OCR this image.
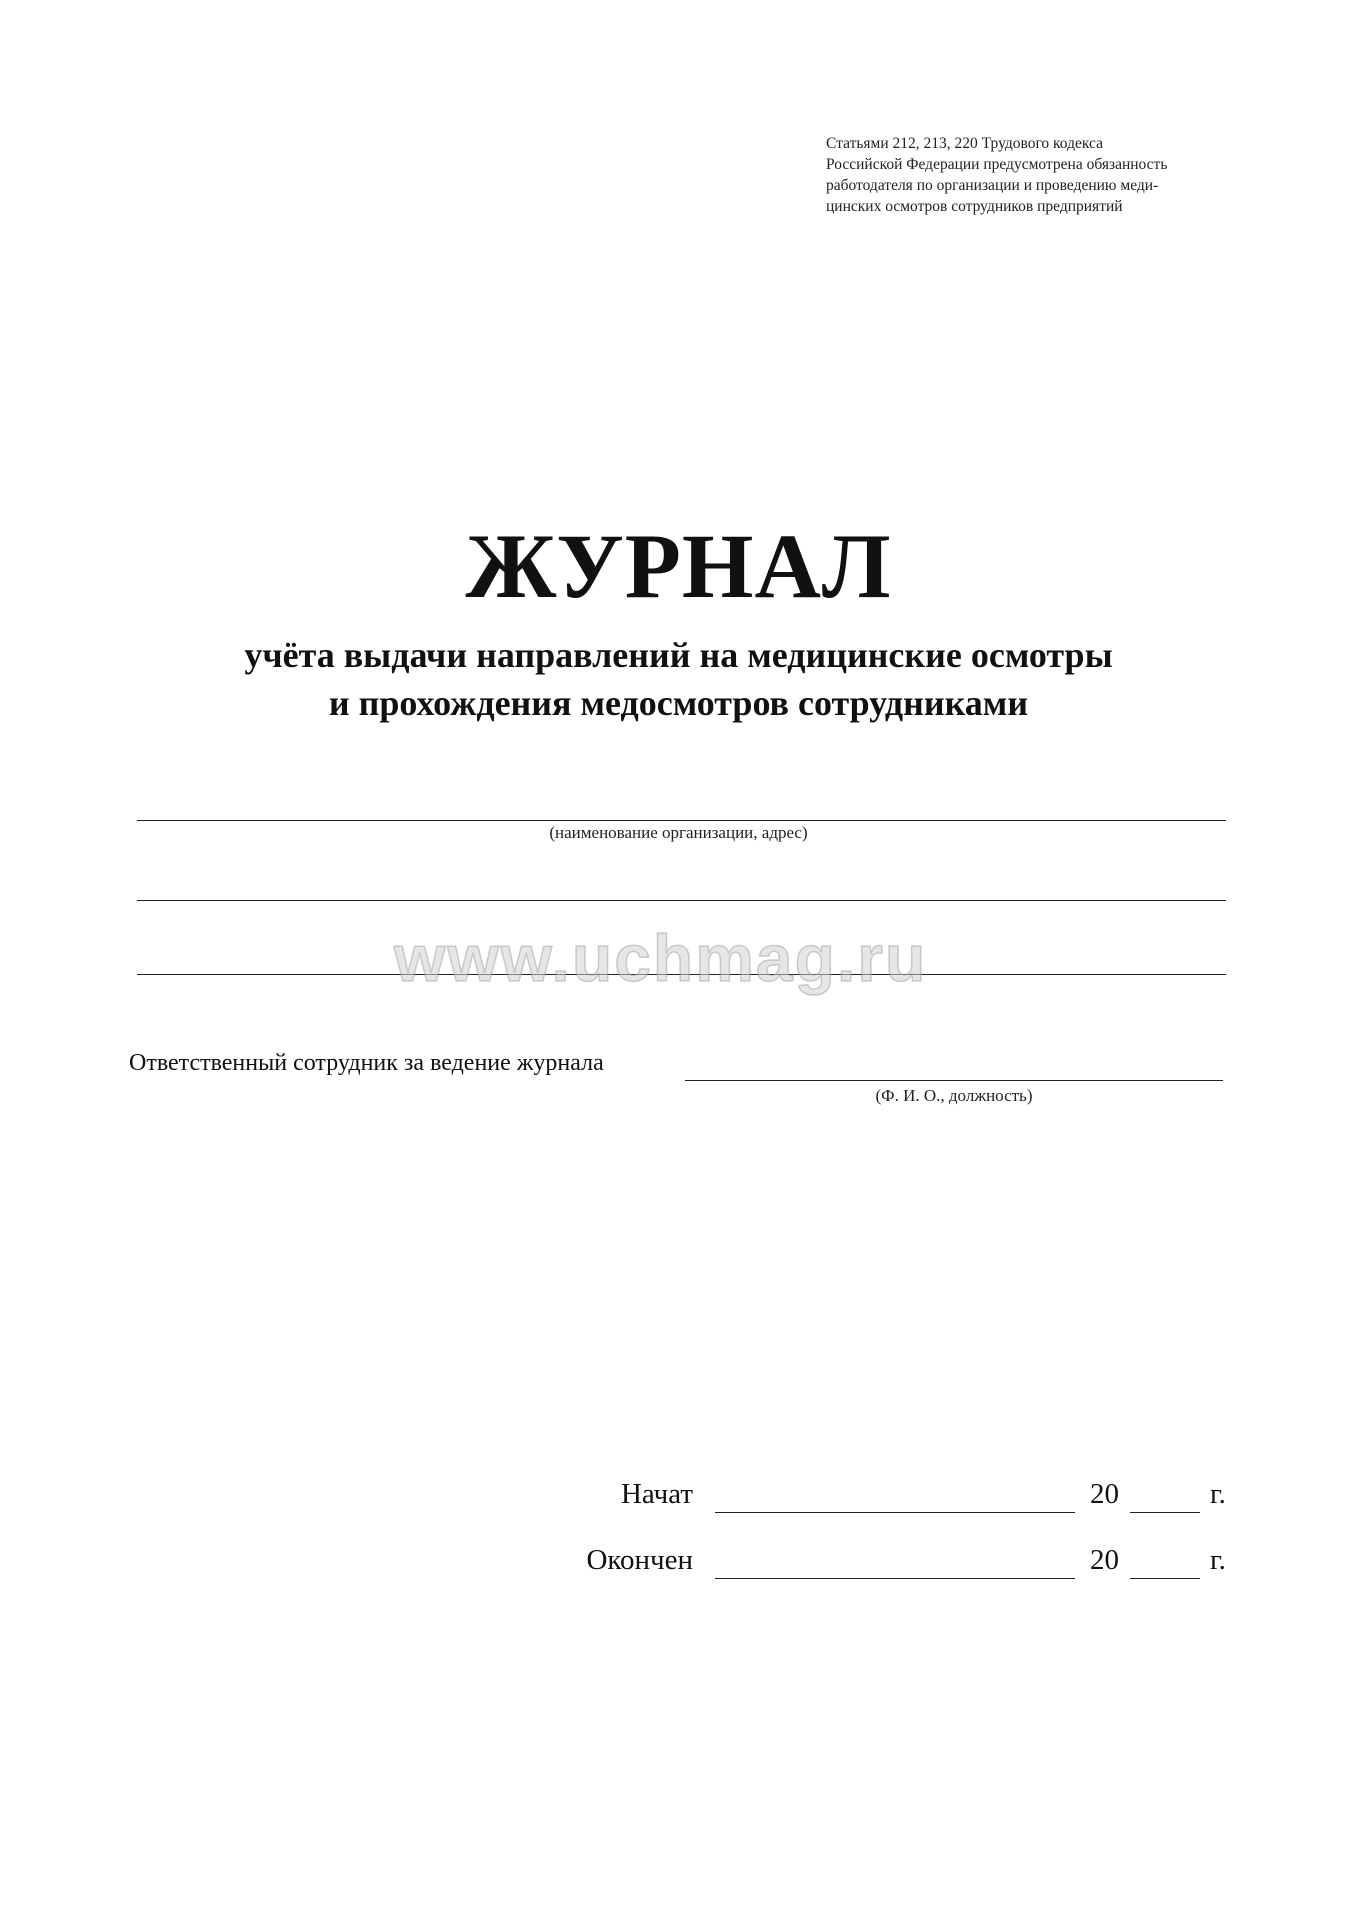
Статьями 212, 213, 220 Трудового кодекса
Российской Федерации предусмотрена обязанность
работодателя по организации и проведению меди-
цинских осмотров сотрудников предприятий
ЖУРНАЛ
учёта выдачи направлений на медицинские осмотры
и прохождения медосмотров сотрудниками
(наименование организации, адрес)
www.uchmag.ru
Ответственный сотрудник за ведение журнала
(Ф. И. О., должность)
Начат	20	г.
Окончен	20	г.
